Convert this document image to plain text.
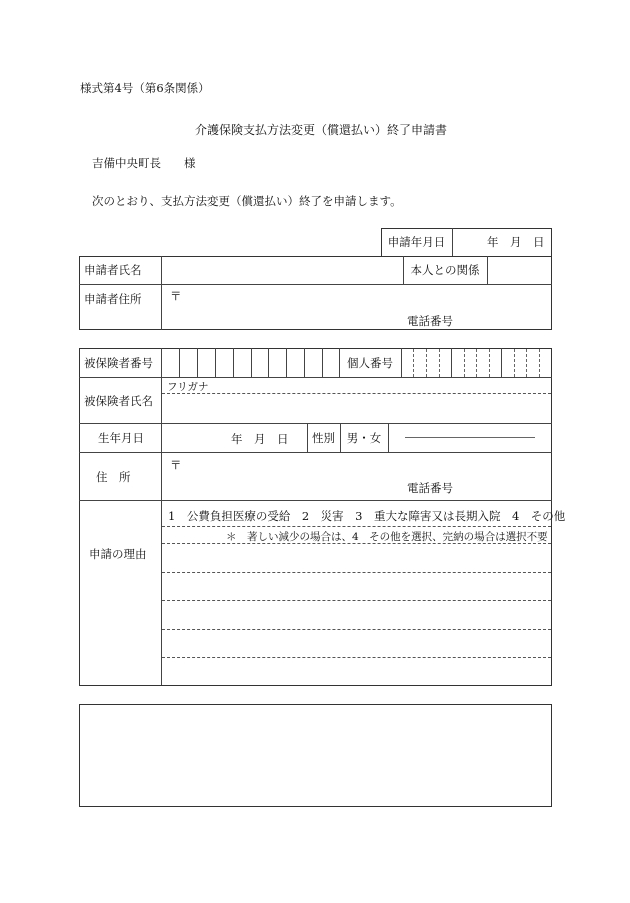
様式第4号（第6条関係）
介護保険支払方法変更（償還払い）終了申請書
吉備中央町長　　様
次のとおり、支払方法変更（償還払い）終了を申請します。
申請年月日	年　月　日
申請者氏名	本人との関係
申請者住所 〒
電話番号
被保険者番号	個人番号
フリガナ
被保険者氏名
生年月日	年　月　日	性別	男・女
住　所
〒
電話番号
申請の理由
1　公費負担医療の受給　2　災害　3　重大な障害又は長期入院　4　その他
＊　著しい減少の場合は、4　その他を選択、完納の場合は選択不要
